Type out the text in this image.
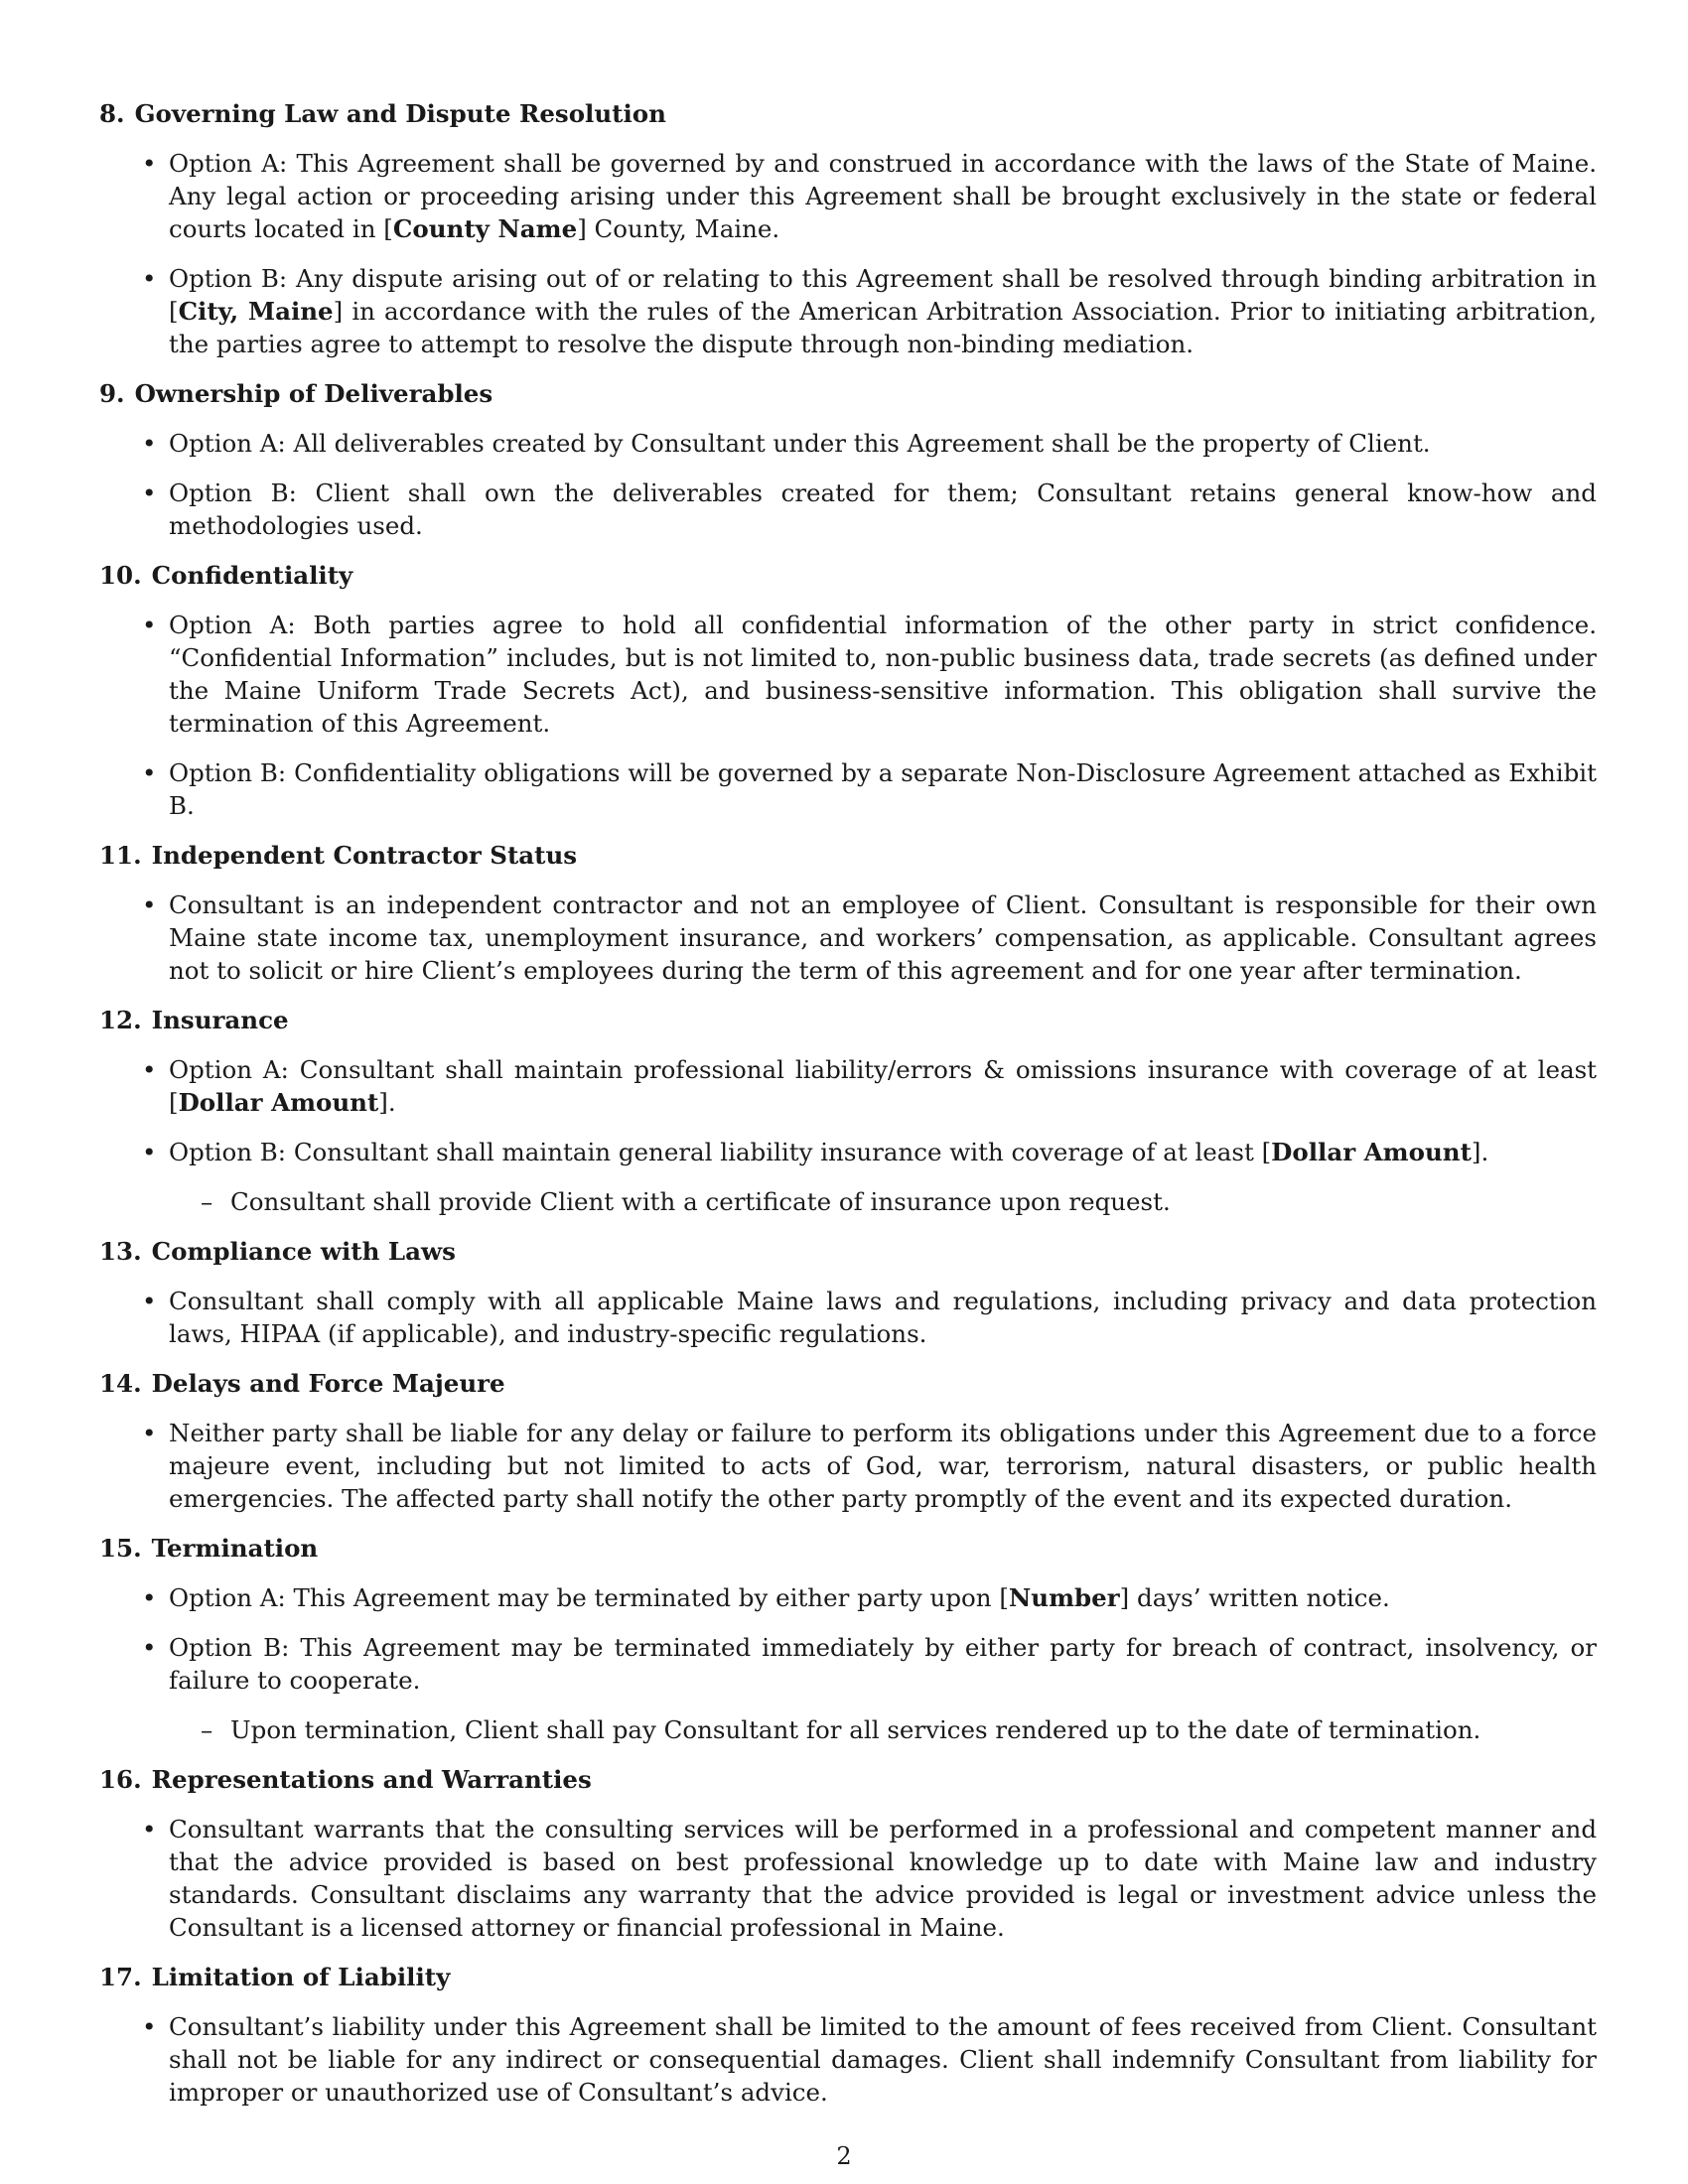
8. Governing Law and Dispute Resolution
• Option A: This Agreement shall be governed by and construed in accordance with the laws of the State of Maine. Any legal action or proceeding arising under this Agreement shall be brought exclusively in the state or federal courts located in [County Name] County, Maine.
• Option B: Any dispute arising out of or relating to this Agreement shall be resolved through binding arbitration in [City, Maine] in accordance with the rules of the American Arbitration Association. Prior to initiating arbitration, the parties agree to attempt to resolve the dispute through non-binding mediation.
9. Ownership of Deliverables
• Option A: All deliverables created by Consultant under this Agreement shall be the property of Client.
• Option B: Client shall own the deliverables created for them; Consultant retains general know-how and methodologies used.
10. Confidentiality
• Option A: Both parties agree to hold all confidential information of the other party in strict confidence. “Confidential Information” includes, but is not limited to, non-public business data, trade secrets (as defined under the Maine Uniform Trade Secrets Act), and business-sensitive information. This obligation shall survive the termination of this Agreement.
• Option B: Confidentiality obligations will be governed by a separate Non-Disclosure Agreement attached as Exhibit B.
11. Independent Contractor Status
• Consultant is an independent contractor and not an employee of Client. Consultant is responsible for their own Maine state income tax, unemployment insurance, and workers’ compensation, as applicable. Consultant agrees not to solicit or hire Client’s employees during the term of this agreement and for one year after termination.
12. Insurance
• Option A: Consultant shall maintain professional liability/errors & omissions insurance with coverage of at least [Dollar Amount].
• Option B: Consultant shall maintain general liability insurance with coverage of at least [Dollar Amount].
– Consultant shall provide Client with a certificate of insurance upon request.
13. Compliance with Laws
• Consultant shall comply with all applicable Maine laws and regulations, including privacy and data protection laws, HIPAA (if applicable), and industry-specific regulations.
14. Delays and Force Majeure
• Neither party shall be liable for any delay or failure to perform its obligations under this Agreement due to a force majeure event, including but not limited to acts of God, war, terrorism, natural disasters, or public health emergencies. The affected party shall notify the other party promptly of the event and its expected duration.
15. Termination
• Option A: This Agreement may be terminated by either party upon [Number] days’ written notice.
• Option B: This Agreement may be terminated immediately by either party for breach of contract, insolvency, or failure to cooperate.
– Upon termination, Client shall pay Consultant for all services rendered up to the date of termination.
16. Representations and Warranties
• Consultant warrants that the consulting services will be performed in a professional and competent manner and that the advice provided is based on best professional knowledge up to date with Maine law and industry standards. Consultant disclaims any warranty that the advice provided is legal or investment advice unless the Consultant is a licensed attorney or financial professional in Maine.
17. Limitation of Liability
• Consultant’s liability under this Agreement shall be limited to the amount of fees received from Client. Consultant shall not be liable for any indirect or consequential damages. Client shall indemnify Consultant from liability for improper or unauthorized use of Consultant’s advice.
2
